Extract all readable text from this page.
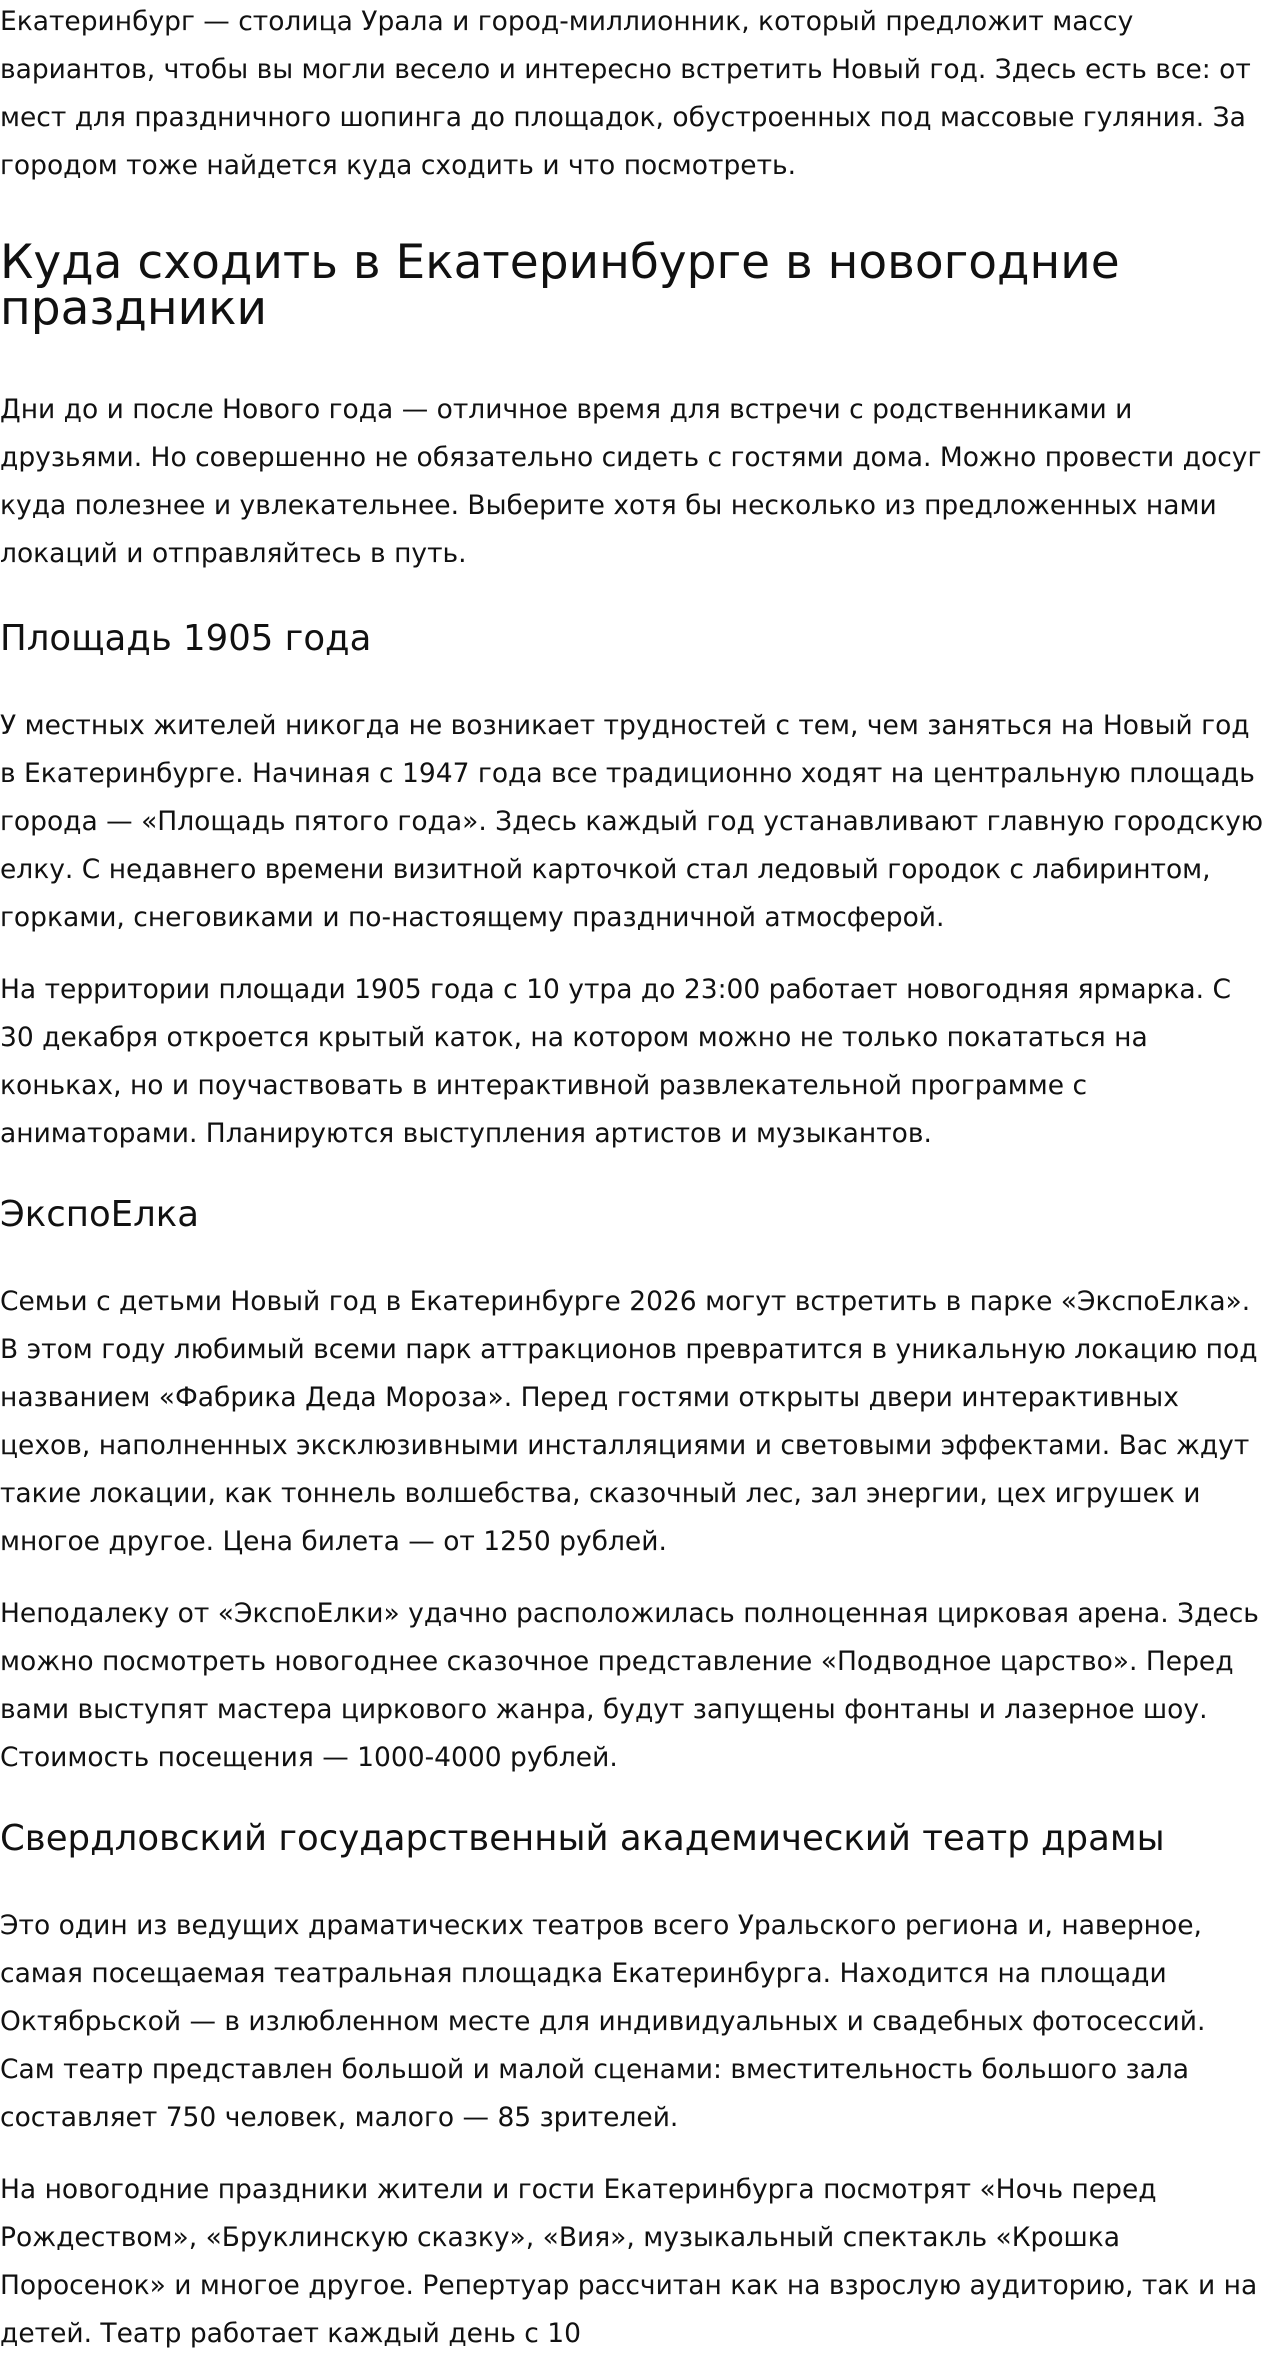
Екатеринбург — столица Урала и город-миллионник, который предложит массу вариантов, чтобы вы могли весело и интересно встретить Новый год. Здесь есть все: от мест для праздничного шопинга до площадок, обустроенных под массовые гуляния. За городом тоже найдется куда сходить и что посмотреть.

Куда сходить в Екатеринбурге в новогодние праздники

Дни до и после Нового года — отличное время для встречи с родственниками и друзьями. Но совершенно не обязательно сидеть с гостями дома. Можно провести досуг куда полезнее и увлекательнее. Выберите хотя бы несколько из предложенных нами локаций и отправляйтесь в путь.

Площадь 1905 года

У местных жителей никогда не возникает трудностей с тем, чем заняться на Новый год в Екатеринбурге. Начиная с 1947 года все традиционно ходят на центральную площадь города — «Площадь пятого года». Здесь каждый год устанавливают главную городскую елку. С недавнего времени визитной карточкой стал ледовый городок с лабиринтом, горками, снеговиками и по-настоящему праздничной атмосферой.

На территории площади 1905 года с 10 утра до 23:00 работает новогодняя ярмарка. С 30 декабря откроется крытый каток, на котором можно не только покататься на коньках, но и поучаствовать в интерактивной развлекательной программе с аниматорами. Планируются выступления артистов и музыкантов.

ЭкспоЕлка

Семьи с детьми Новый год в Екатеринбурге 2026 могут встретить в парке «ЭкспоЕлка». В этом году любимый всеми парк аттракционов превратится в уникальную локацию под названием «Фабрика Деда Мороза». Перед гостями открыты двери интерактивных цехов, наполненных эксклюзивными инсталляциями и световыми эффектами. Вас ждут такие локации, как тоннель волшебства, сказочный лес, зал энергии, цех игрушек и многое другое. Цена билета — от 1250 рублей.

Неподалеку от «ЭкспоЕлки» удачно расположилась полноценная цирковая арена. Здесь можно посмотреть новогоднее сказочное представление «Подводное царство». Перед вами выступят мастера циркового жанра, будут запущены фонтаны и лазерное шоу. Стоимость посещения — 1000-4000 рублей.

Свердловский государственный академический театр драмы

Это один из ведущих драматических театров всего Уральского региона и, наверное, самая посещаемая театральная площадка Екатеринбурга. Находится на площади Октябрьской — в излюбленном месте для индивидуальных и свадебных фотосессий. Сам театр представлен большой и малой сценами: вместительность большого зала составляет 750 человек, малого — 85 зрителей.

На новогодние праздники жители и гости Екатеринбурга посмотрят «Ночь перед Рождеством», «Бруклинскую сказку», «Вия», музыкальный спектакль «Крошка Поросенок» и многое другое. Репертуар рассчитан как на взрослую аудиторию, так и на детей. Театр работает каждый день с 10
